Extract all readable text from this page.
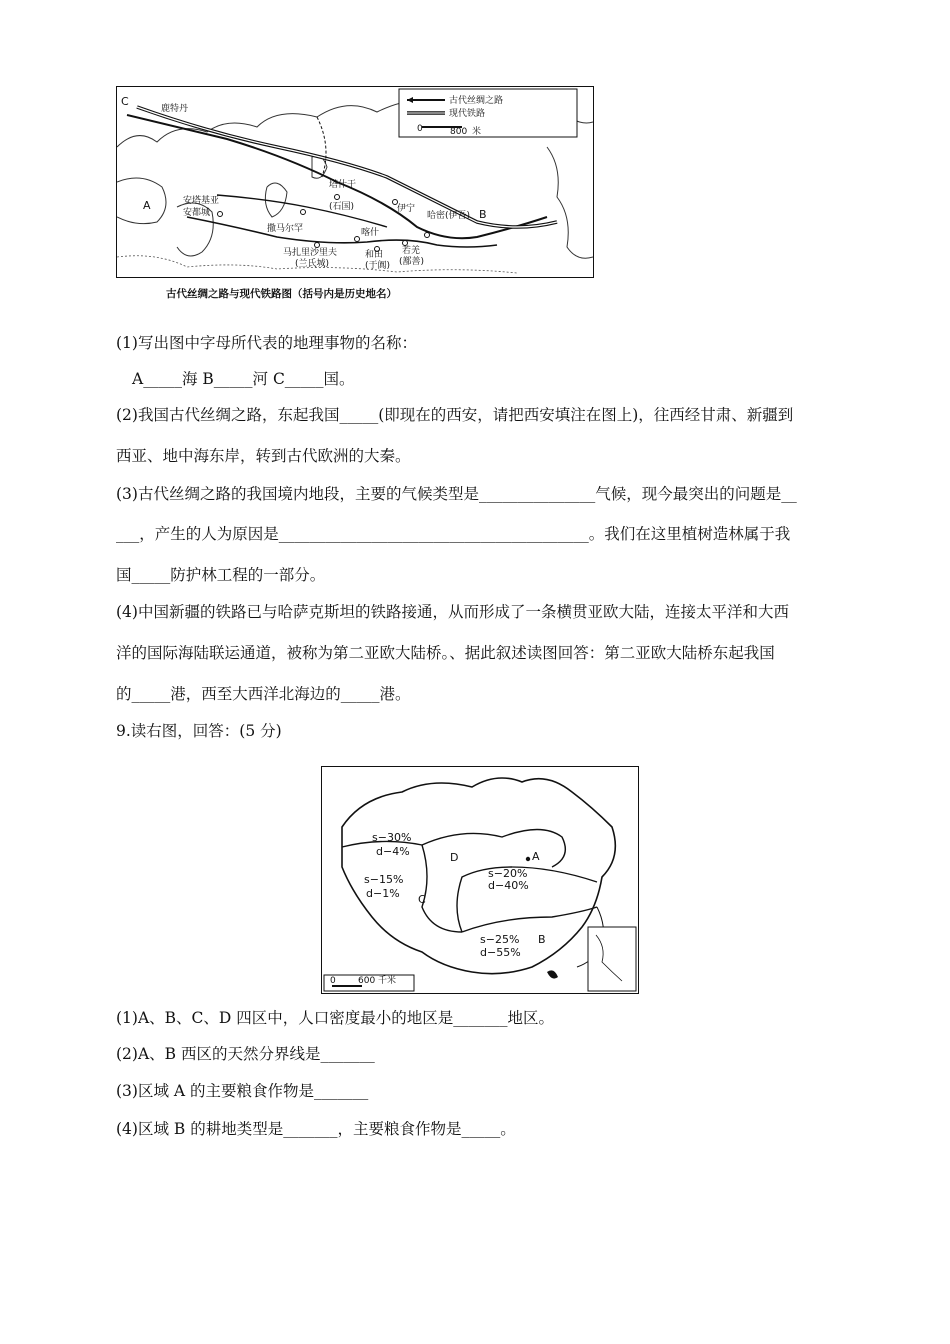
古代丝绸之路
现代铁路
0	800 米
C
鹿特丹
A	安塔基亚
安都城
撒马尔罕
塔什干
(石国)
喀什
伊宁
哈密(伊吾) B
马扎里沙里夫
(兰氏城)
和田
(于阗)
若羌
(鄯善)
古代丝绸之路与现代铁路图（括号内是历史地名）
(1)写出图中字母所代表的地理事物的名称：
A_____海 B_____河 C_____国。
(2)我国古代丝绸之路，东起我国_____(即现在的西安，请把西安填注在图上)，往西经甘肃、新疆到
西亚、地中海东岸，转到古代欧洲的大秦。
(3)古代丝绸之路的我国境内地段，主要的气候类型是_______________气候，现今最突出的问题是__
___，产生的人为原因是________________________________________。我们在这里植树造林属于我
国_____防护林工程的一部分。
(4)中国新疆的铁路已与哈萨克斯坦的铁路接通，从而形成了一条横贯亚欧大陆，连接太平洋和大西
洋的国际海陆联运通道，被称为第二亚欧大陆桥。、据此叙述读图回答：第二亚欧大陆桥东起我国
的_____港，西至大西洋北海边的_____港。
9.读右图，回答：(5 分)
0 600 千米
s−30%
d−4%	D
s−15%
d−1% C
s−20%
d−40%
A
s−25%
d−55%
B
(1)A、B、C、D 四区中，人口密度最小的地区是_______地区。
(2)A、B 西区的天然分界线是_______
(3)区域 A 的主要粮食作物是_______
(4)区域 B 的耕地类型是_______，主要粮食作物是_____。
